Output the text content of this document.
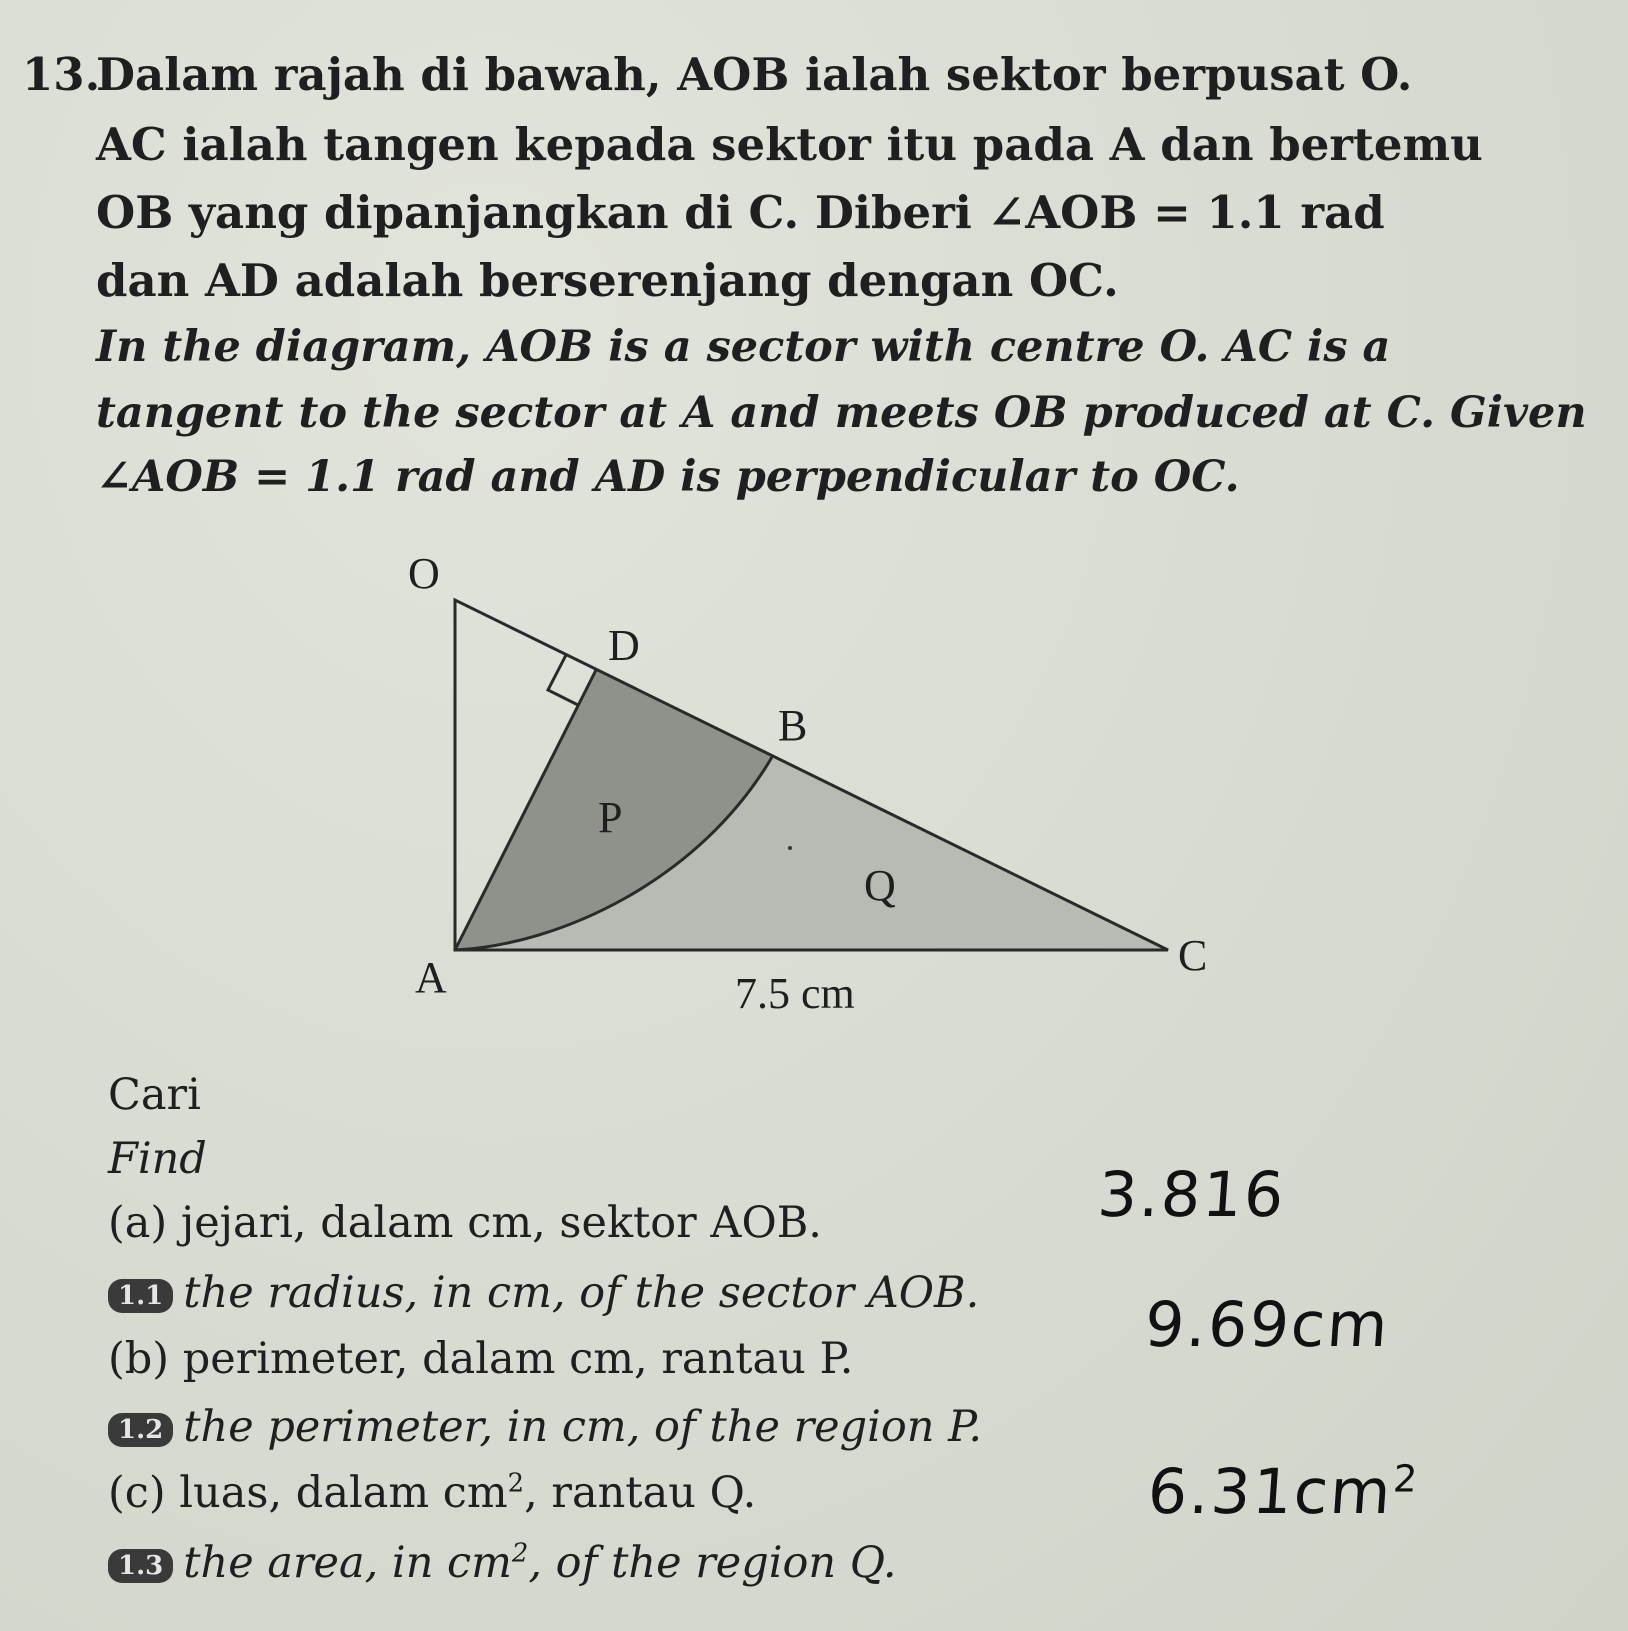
13.
Dalam rajah di bawah, AOB ialah sektor berpusat O.
AC ialah tangen kepada sektor itu pada A dan bertemu
OB yang dipanjangkan di C. Diberi ∠AOB = 1.1 rad
dan AD adalah berserenjang dengan OC.
In the diagram, AOB is a sector with centre O. AC is a
tangent to the sector at A and meets OB produced at C. Given
∠AOB = 1.1 rad and AD is perpendicular to OC.
O
D
B
P
Q
C
A	7.5 cm
Cari
Find
(a) jejari, dalam cm, sektor AOB.
1.1 the radius, in cm, of the sector AOB.
(b) perimeter, dalam cm, rantau P.
1.2 the perimeter, in cm, of the region P.
(c) luas, dalam $cm^2$, rantau Q.
1.3 the area, in $cm^2$, of the region Q.
3.816
9.69cm
$6.31cm^2$
